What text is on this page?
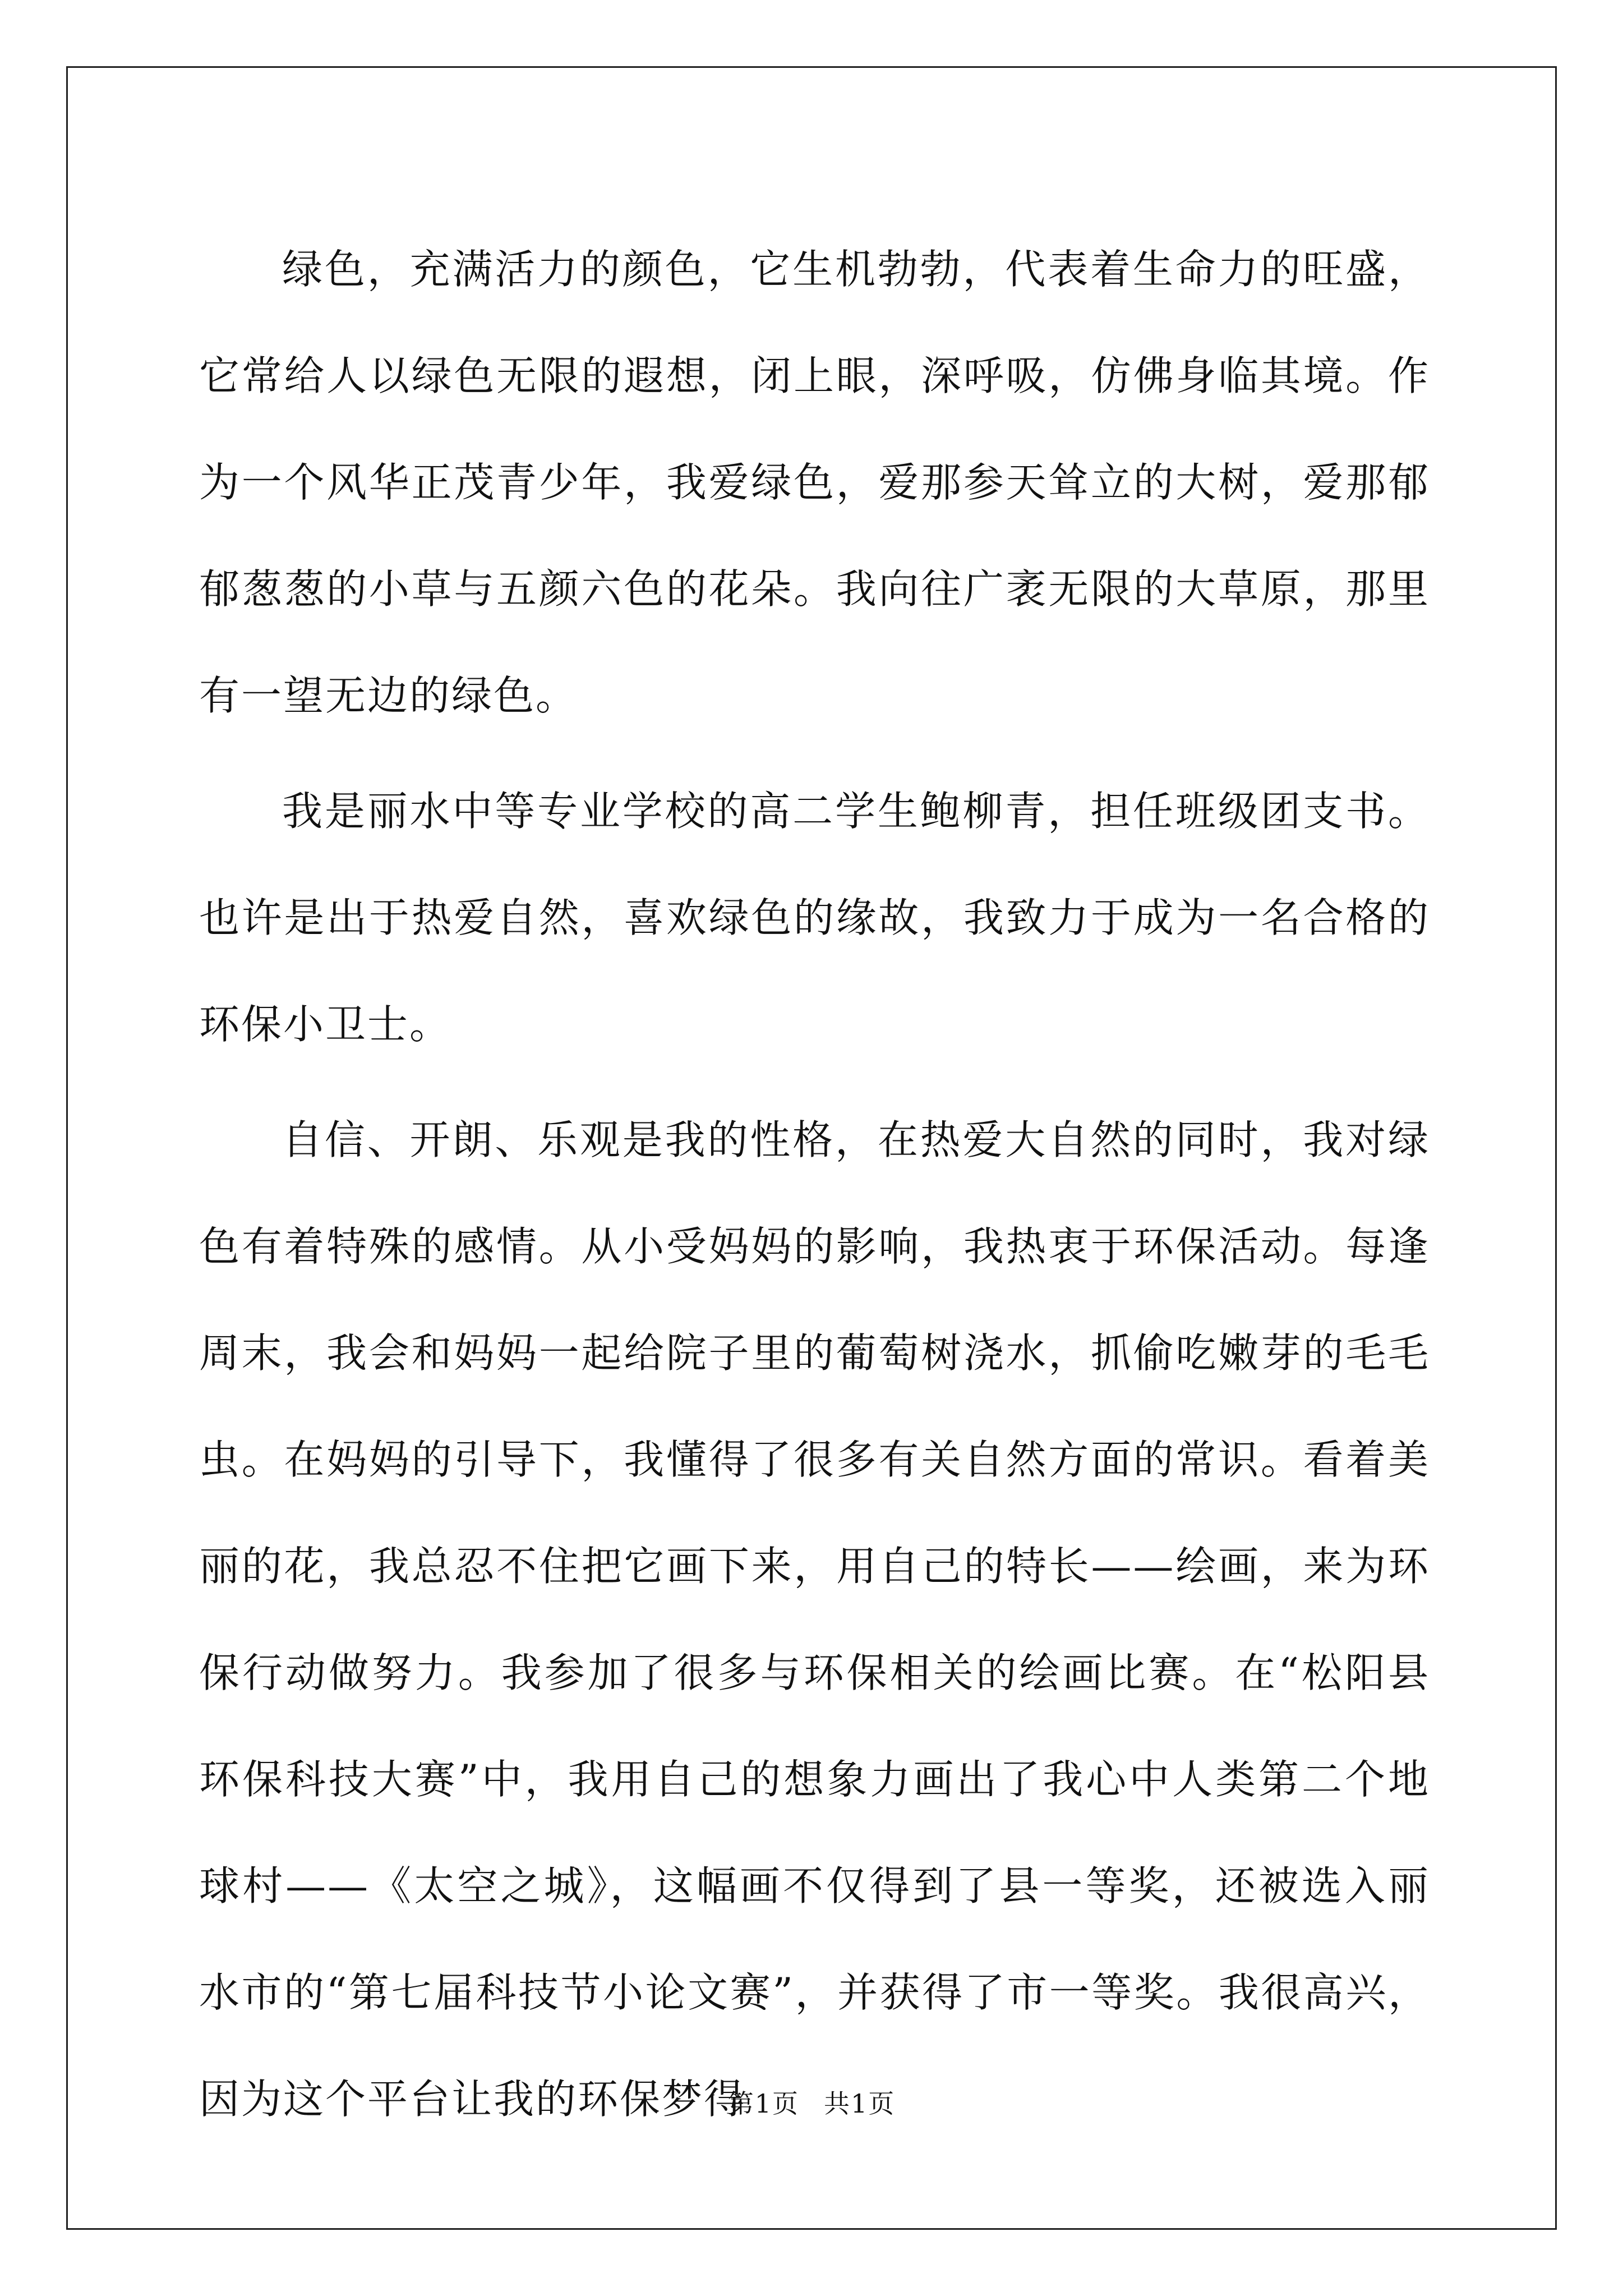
绿色，充满活力的颜色，它生机勃勃，代表着生命力的旺盛，它常给人以绿色无限的遐想，闭上眼，深呼吸，仿佛身临其境。作为一个风华正茂青少年，我爱绿色，爱那参天耸立的大树，爱那郁郁葱葱的小草与五颜六色的花朵。我向往广袤无限的大草原，那里有一望无边的绿色。

我是丽水中等专业学校的高二学生鲍柳青，担任班级团支书。也许是出于热爱自然，喜欢绿色的缘故，我致力于成为一名合格的环保小卫士。

自信、开朗、乐观是我的性格，在热爱大自然的同时，我对绿色有着特殊的感情。从小受妈妈的影响，我热衷于环保活动。每逢周末，我会和妈妈一起给院子里的葡萄树浇水，抓偷吃嫩芽的毛毛虫。在妈妈的引导下，我懂得了很多有关自然方面的常识。看着美丽的花，我总忍不住把它画下来，用自己的特长——绘画，来为环保行动做努力。我参加了很多与环保相关的绘画比赛。在“松阳县环保科技大赛”中，我用自己的想象力画出了我心中人类第二个地球村——《太空之城》，这幅画不仅得到了县一等奖，还被选入丽水市的“第七届科技节小论文赛”，并获得了市一等奖。我很高兴，因为这个平台让我的环保梦得

第1页 共1页
